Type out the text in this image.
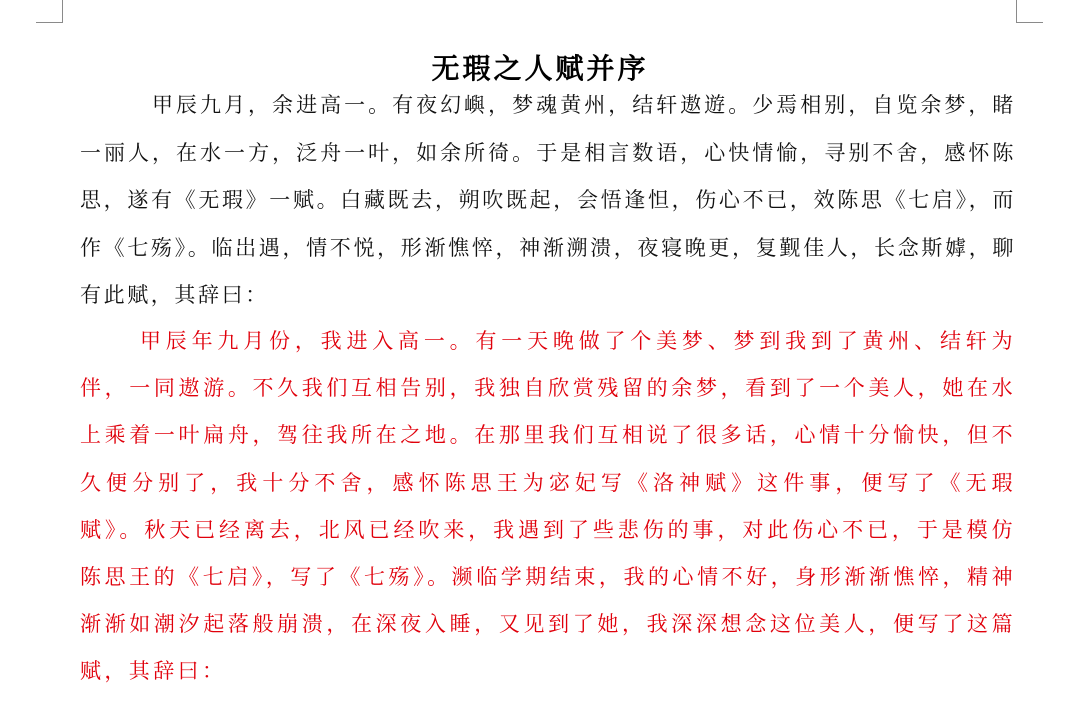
无瑕之人赋并序

甲辰九月，余进高一。有夜幻嶼，梦魂黄州，结轩遨遊。少焉相别，自览余梦，睹一丽人，在水一方，泛舟一叶，如余所徛。于是相言数语，心快情愉，寻别不舍，感怀陈思，遂有《无瑕》一赋。白藏既去，朔吹既起，会悟逢怛，伤心不已，效陈思《七启》，而作《七殇》。临岀遇，情不悦，形渐憔悴，神渐溯溃，夜寝晚更，复觐佳人，长念斯嫭，聊有此赋，其辞曰：

甲辰年九月份，我进入高一。有一天晚做了个美梦、梦到我到了黄州、结轩为伴，一同遨游。不久我们互相告别，我独自欣赏残留的余梦，看到了一个美人，她在水上乘着一叶扁舟，驾往我所在之地。在那里我们互相说了很多话，心情十分愉快，但不久便分别了，我十分不舍，感怀陈思王为宓妃写《洛神赋》这件事，便写了《无瑕赋》。秋天已经离去，北风已经吹来，我遇到了些悲伤的事，对此伤心不已，于是模仿陈思王的《七启》，写了《七殇》。濒临学期结束，我的心情不好，身形渐渐憔悴，精神渐渐如潮汐起落般崩溃，在深夜入睡，又见到了她，我深深想念这位美人，便写了这篇赋，其辞曰：
